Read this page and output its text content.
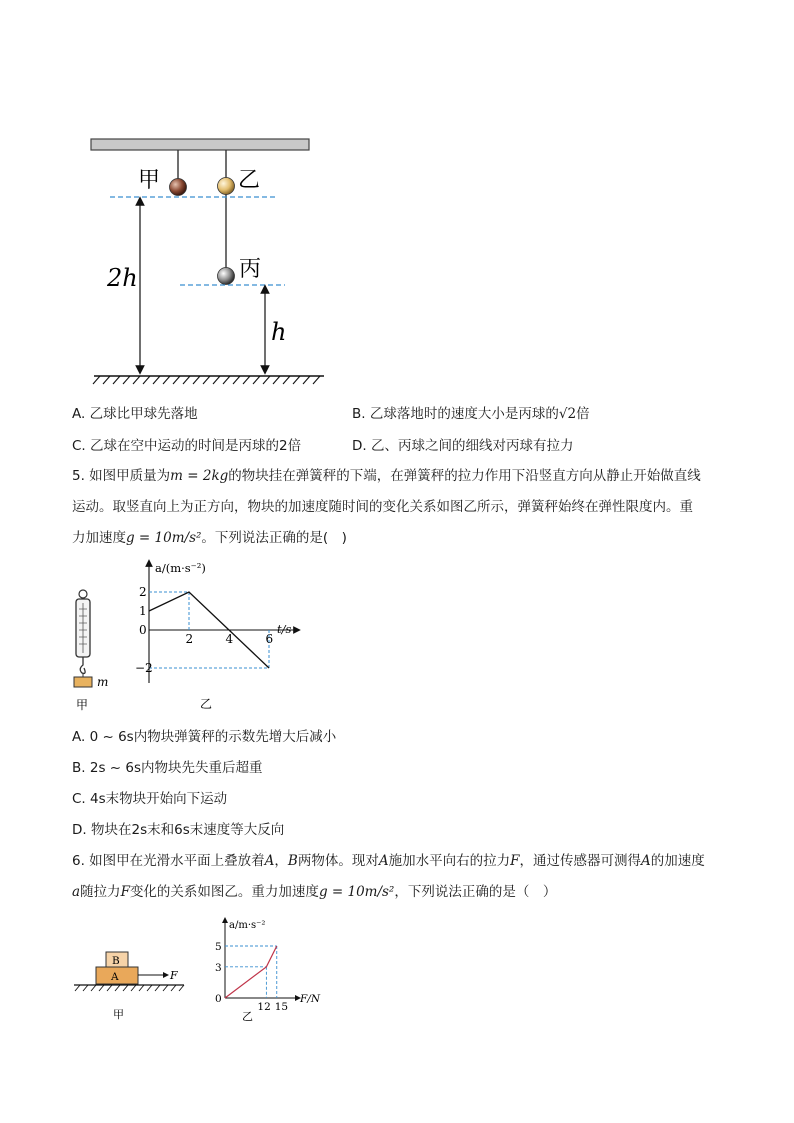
甲	乙
丙
2h
h
A. 乙球比甲球先落地	B. 乙球落地时的速度大小是丙球的√2倍
C. 乙球在空中运动的时间是丙球的2倍	D. 乙、丙球之间的细线对丙球有拉力
5. 如图甲质量为m = 2kg的物块挂在弹簧秤的下端，在弹簧秤的拉力作用下沿竖直方向从静止开始做直线
运动。取竖直向上为正方向，物块的加速度随时间的变化关系如图乙所示，弹簧秤始终在弹性限度内。重
力加速度g = 10m/s²。下列说法正确的是(　)
m
甲
2	4	6
2
1
0
−2
a/(m·s⁻²)
t/s
乙
A. 0 ~ 6s内物块弹簧秤的示数先增大后减小
B. 2s ~ 6s内物块先失重后超重
C. 4s末物块开始向下运动
D. 物块在2s末和6s末速度等大反向
6. 如图甲在光滑水平面上叠放着A，B两物体。现对A施加水平向右的拉力F，通过传感器可测得A的加速度
a随拉力F变化的关系如图乙。重力加速度g = 10m/s²，下列说法正确的是（　）
B
A	F
甲
12 15
5
3
0
a/m·s⁻²
F/N
乙
